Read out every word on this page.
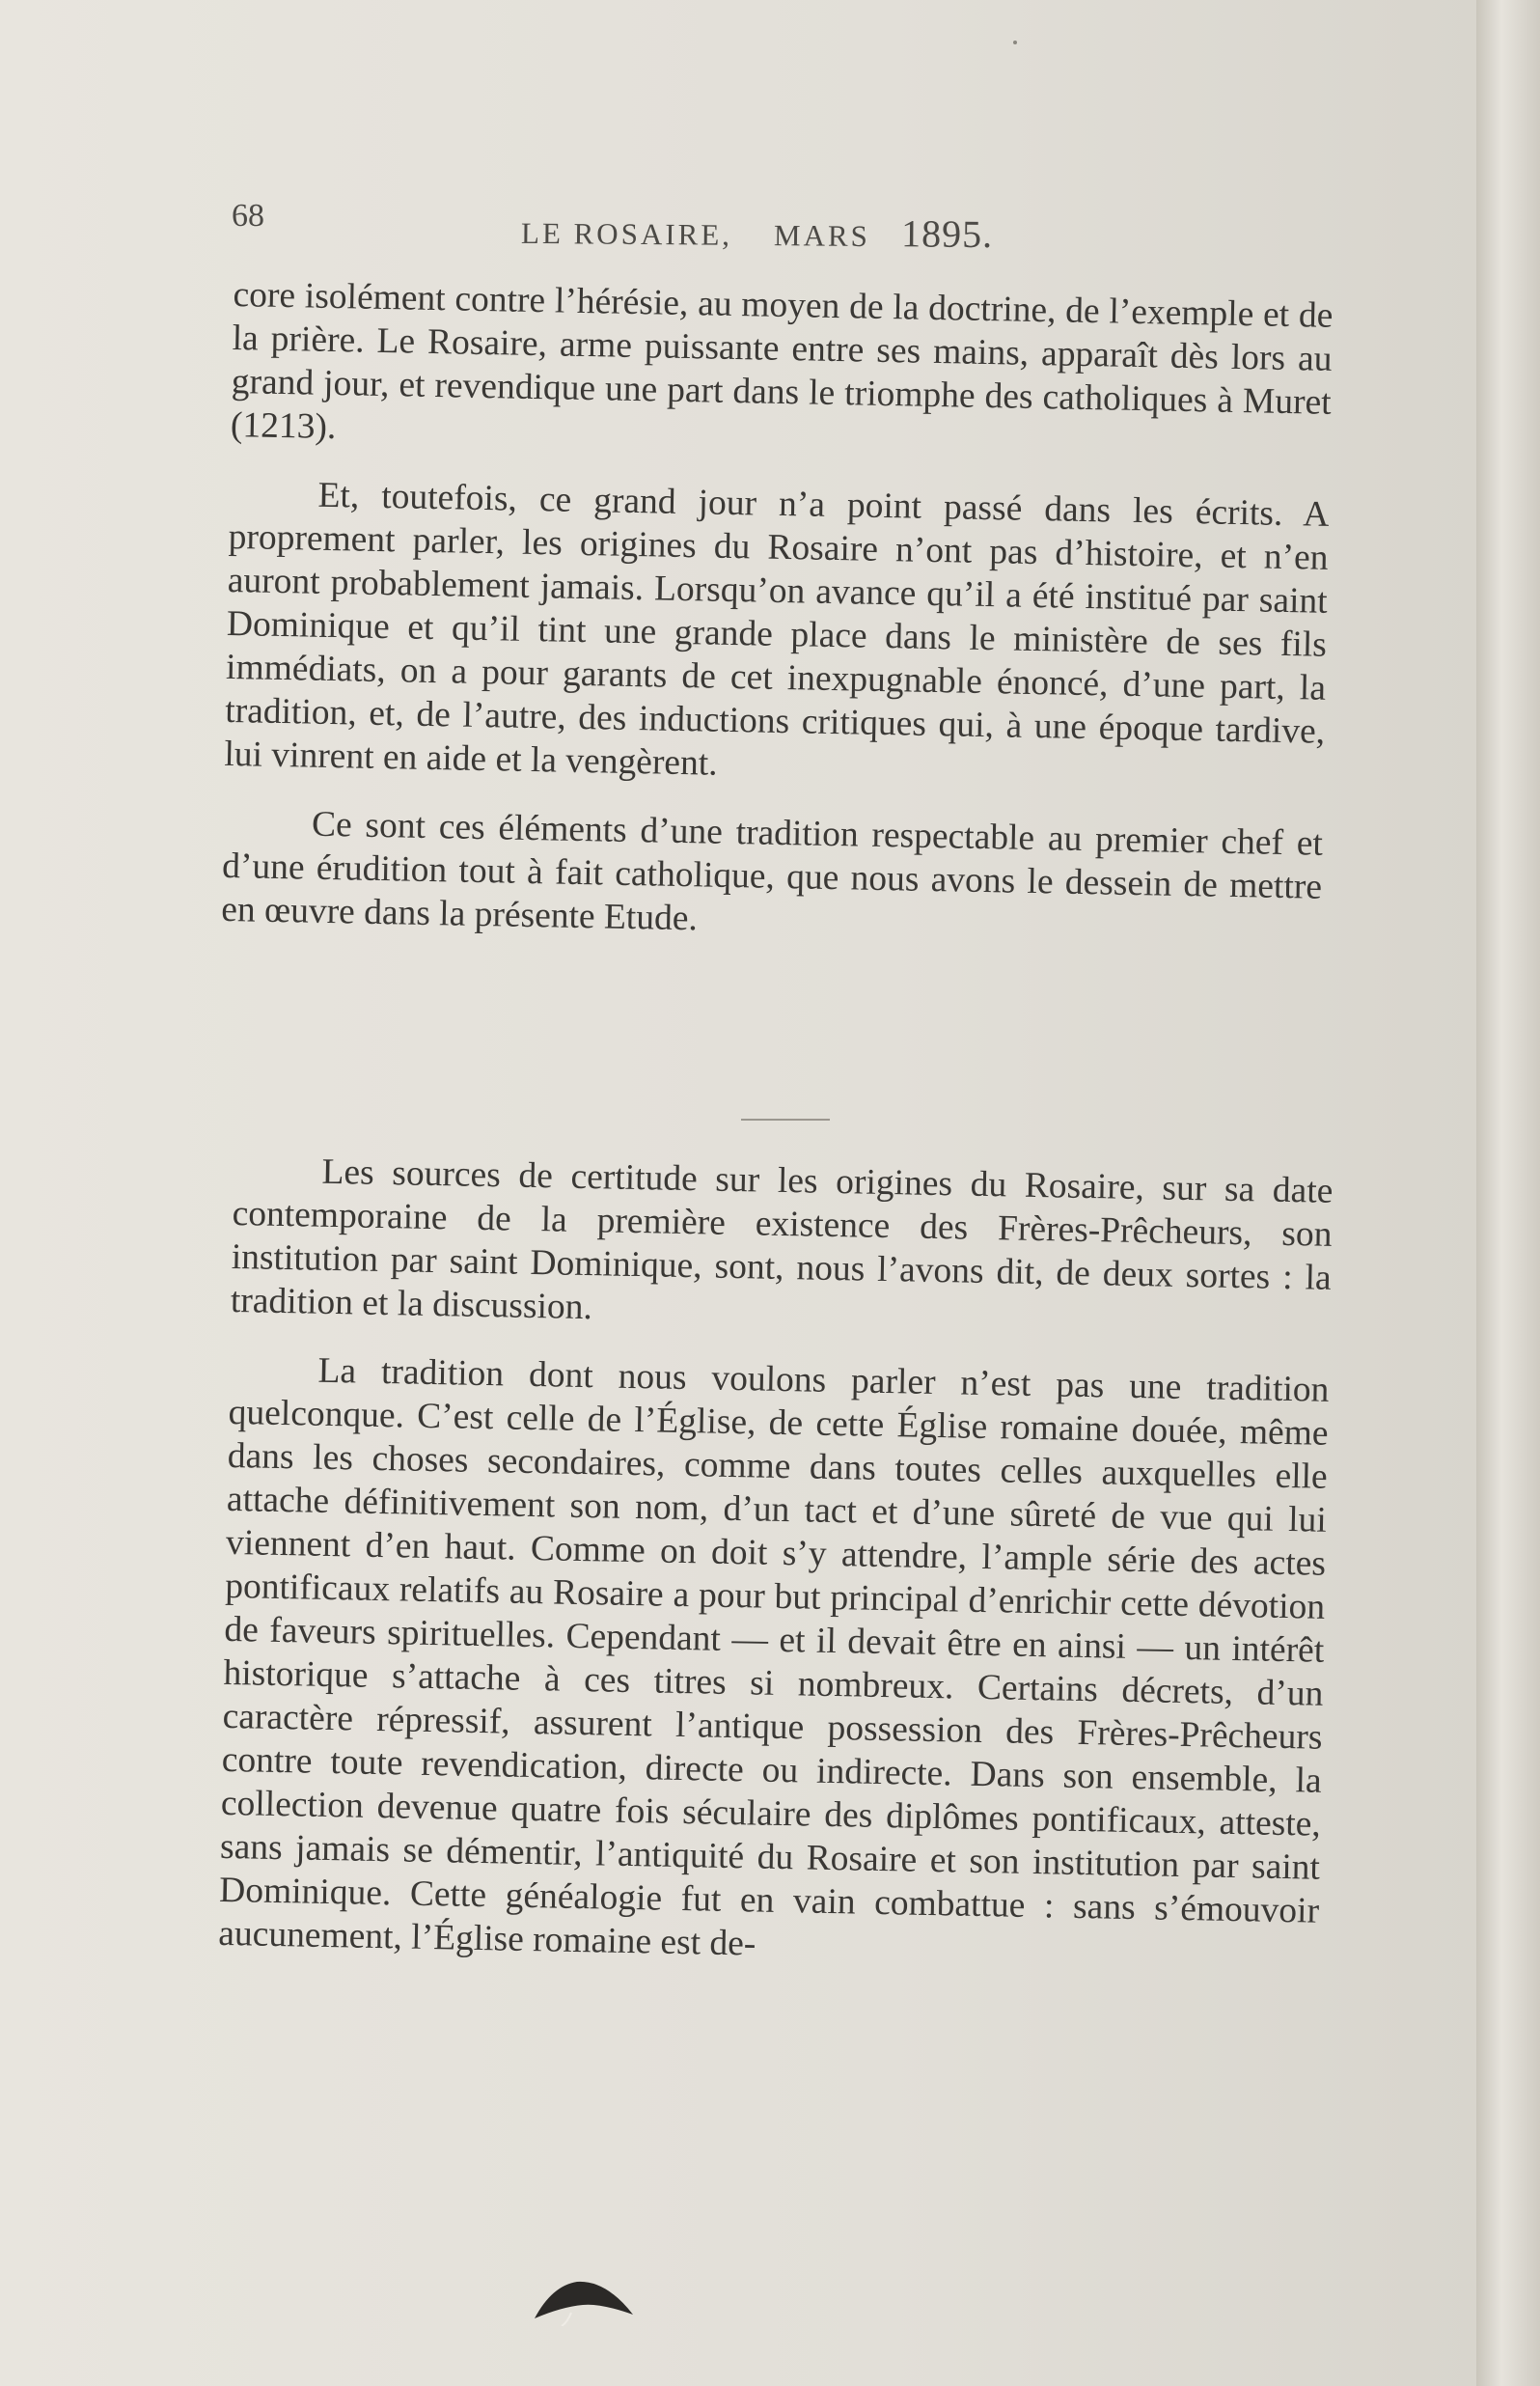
68
LE ROSAIRE, MARS 1895.

core isolément contre l’hérésie, au moyen de la doctrine, de l’exemple et de la prière. Le Rosaire, arme puissante entre ses mains, apparaît dès lors au grand jour, et revendique une part dans le triomphe des catholiques à Muret (1213).

Et, toutefois, ce grand jour n’a point passé dans les écrits. A proprement parler, les origines du Rosaire n’ont pas d’histoire, et n’en auront probablement jamais. Lorsqu’on avance qu’il a été institué par saint Dominique et qu’il tint une grande place dans le ministère de ses fils immédiats, on a pour garants de cet inexpugnable énoncé, d’une part, la tradition, et, de l’autre, des inductions critiques qui, à une époque tardive, lui vinrent en aide et la vengèrent.

Ce sont ces éléments d’une tradition respectable au premier chef et d’une érudition tout à fait catholique, que nous avons le dessein de mettre en œuvre dans la présente Etude.

Les sources de certitude sur les origines du Rosaire, sur sa date contemporaine de la première existence des Frères-Prêcheurs, son institution par saint Dominique, sont, nous l’avons dit, de deux sortes : la tradition et la discussion.

La tradition dont nous voulons parler n’est pas une tradition quelconque. C’est celle de l’Église, de cette Église romaine douée, même dans les choses secondaires, comme dans toutes celles auxquelles elle attache définitivement son nom, d’un tact et d’une sûreté de vue qui lui viennent d’en haut. Comme on doit s’y attendre, l’ample série des actes pontificaux relatifs au Rosaire a pour but principal d’enrichir cette dévotion de faveurs spirituelles. Cependant — et il devait être en ainsi — un intérêt historique s’attache à ces titres si nombreux. Certains décrets, d’un caractère répressif, assurent l’antique possession des Frères-Prêcheurs contre toute revendication, directe ou indirecte. Dans son ensemble, la collection devenue quatre fois séculaire des diplômes pontificaux, atteste, sans jamais se démentir, l’antiquité du Rosaire et son institution par saint Dominique. Cette généalogie fut en vain combattue : sans s’émouvoir aucunement, l’Église romaine est de-
